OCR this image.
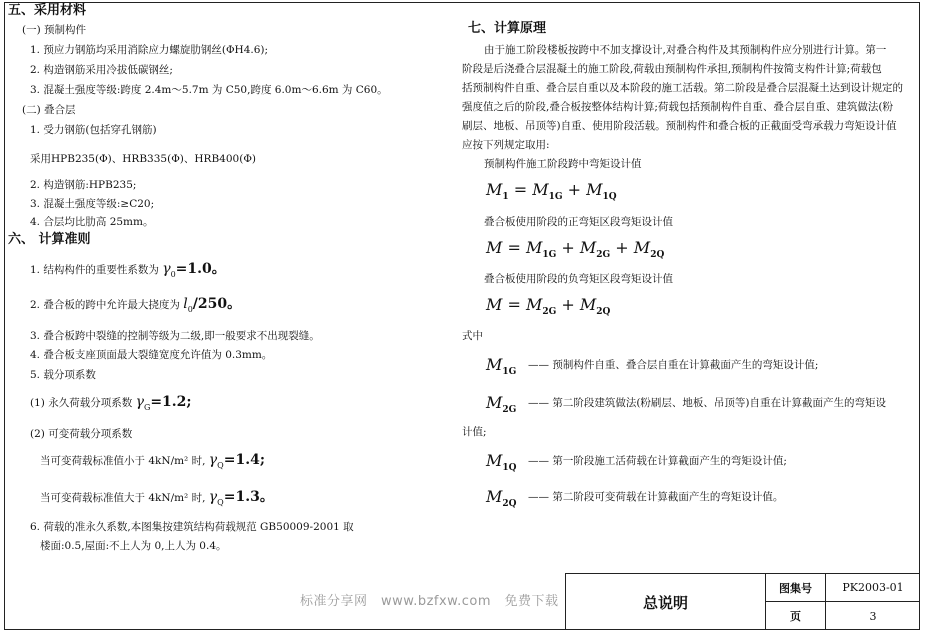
五、采用材料
(一) 预制构件
1. 预应力钢筋均采用消除应力螺旋肋钢丝(ΦH4.6);
2. 构造钢筋采用冷拔低碳钢丝;
3. 混凝土强度等级:跨度 2.4m～5.7m 为 C50,跨度 6.0m～6.6m 为 C60。
(二) 叠合层
1. 受力钢筋(包括穿孔钢筋)
采用HPB235(Φ)、HRB335(Φ)、HRB400(Φ)
2. 构造钢筋:HPB235;
3. 混凝土强度等级:≥C20;
4. 合层均比肋高 25mm。
六、 计算准则
1. 结构构件的重要性系数为 $\gamma_0=1.0$。
2. 叠合板的跨中允许最大挠度为 $l_0/250$。
3. 叠合板跨中裂缝的控制等级为二级,即一般要求不出现裂缝。
4. 叠合板支座顶面最大裂缝宽度允许值为 0.3mm。
5. 载分项系数
(1) 永久荷载分项系数 $\gamma_G=1.2$;
(2) 可变荷载分项系数
当可变荷载标准值小于 4kN/m² 时, $\gamma_Q=1.4$;
当可变荷载标准值大于 4kN/m² 时, $\gamma_Q=1.3$。
6. 荷载的准永久系数,本图集按建筑结构荷载规范 GB50009-2001 取
楼面:0.5,屋面:不上人为 0,上人为 0.4。
七、计算原理
由于施工阶段楼板按跨中不加支撑设计,对叠合构件及其预制构件应分别进行计算。第一
阶段是后浇叠合层混凝土的施工阶段,荷载由预制构件承担,预制构件按简支构件计算;荷载包
括预制构件自重、叠合层自重以及本阶段的施工活载。第二阶段是叠合层混凝土达到设计规定的
强度值之后的阶段,叠合板按整体结构计算;荷载包括预制构件自重、叠合层自重、建筑做法(粉
刷层、地板、吊顶等)自重、使用阶段活载。预制构件和叠合板的正截面受弯承载力弯矩设计值
应按下列规定取用:
预制构件施工阶段跨中弯矩设计值
$M_1 = M_{1G} + M_{1Q}$
叠合板使用阶段的正弯矩区段弯矩设计值
$M = M_{1G} + M_{2G} + M_{2Q}$
叠合板使用阶段的负弯矩区段弯矩设计值
$M = M_{2G} + M_{2Q}$
式中
$M_{1G}$
—— 预制构件自重、叠合层自重在计算截面产生的弯矩设计值;
$M_{2G}$
—— 第二阶段建筑做法(粉刷层、地板、吊顶等)自重在计算截面产生的弯矩设
计值;
$M_{1Q}$
—— 第一阶段施工活荷载在计算截面产生的弯矩设计值;
$M_{2Q}$
—— 第二阶段可变荷载在计算截面产生的弯矩设计值。
总说明
图集号	PK2003-01
页	3
标准分享网　www.bzfxw.com　免费下载
